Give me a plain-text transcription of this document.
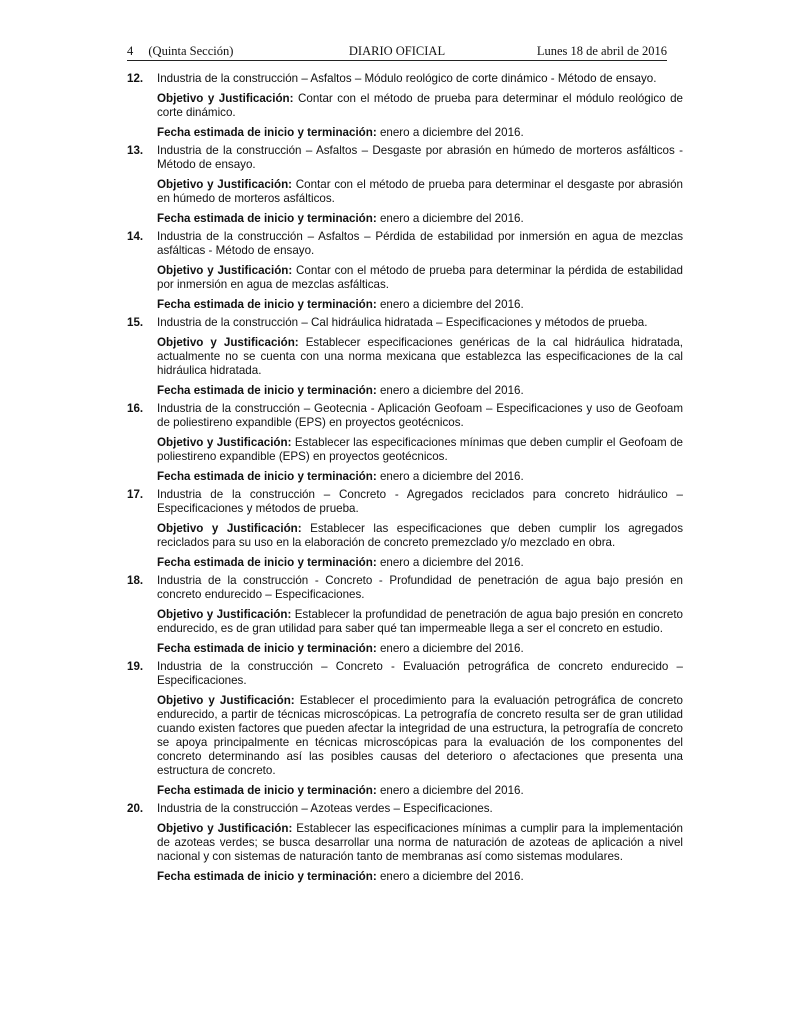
4 (Quinta Sección)	DIARIO OFICIAL	Lunes 18 de abril de 2016
12. Industria de la construcción – Asfaltos – Módulo reológico de corte dinámico - Método de ensayo.

Objetivo y Justificación: Contar con el método de prueba para determinar el módulo reológico de corte dinámico.

Fecha estimada de inicio y terminación: enero a diciembre del 2016.

13. Industria de la construcción – Asfaltos – Desgaste por abrasión en húmedo de morteros asfálticos - Método de ensayo.

Objetivo y Justificación: Contar con el método de prueba para determinar el desgaste por abrasión en húmedo de morteros asfálticos.

Fecha estimada de inicio y terminación: enero a diciembre del 2016.

14. Industria de la construcción – Asfaltos – Pérdida de estabilidad por inmersión en agua de mezclas asfálticas - Método de ensayo.

Objetivo y Justificación: Contar con el método de prueba para determinar la pérdida de estabilidad por inmersión en agua de mezclas asfálticas.

Fecha estimada de inicio y terminación: enero a diciembre del 2016.

15. Industria de la construcción – Cal hidráulica hidratada – Especificaciones y métodos de prueba.

Objetivo y Justificación: Establecer especificaciones genéricas de la cal hidráulica hidratada, actualmente no se cuenta con una norma mexicana que establezca las especificaciones de la cal hidráulica hidratada.

Fecha estimada de inicio y terminación: enero a diciembre del 2016.

16. Industria de la construcción – Geotecnia - Aplicación Geofoam – Especificaciones y uso de Geofoam de poliestireno expandible (EPS) en proyectos geotécnicos.

Objetivo y Justificación: Establecer las especificaciones mínimas que deben cumplir el Geofoam de poliestireno expandible (EPS) en proyectos geotécnicos.

Fecha estimada de inicio y terminación: enero a diciembre del 2016.

17. Industria de la construcción – Concreto - Agregados reciclados para concreto hidráulico – Especificaciones y métodos de prueba.

Objetivo y Justificación: Establecer las especificaciones que deben cumplir los agregados reciclados para su uso en la elaboración de concreto premezclado y/o mezclado en obra.

Fecha estimada de inicio y terminación: enero a diciembre del 2016.

18. Industria de la construcción - Concreto - Profundidad de penetración de agua bajo presión en concreto endurecido – Especificaciones.

Objetivo y Justificación: Establecer la profundidad de penetración de agua bajo presión en concreto endurecido, es de gran utilidad para saber qué tan impermeable llega a ser el concreto en estudio.

Fecha estimada de inicio y terminación: enero a diciembre del 2016.

19. Industria de la construcción – Concreto - Evaluación petrográfica de concreto endurecido – Especificaciones.

Objetivo y Justificación: Establecer el procedimiento para la evaluación petrográfica de concreto endurecido, a partir de técnicas microscópicas. La petrografía de concreto resulta ser de gran utilidad cuando existen factores que pueden afectar la integridad de una estructura, la petrografía de concreto se apoya principalmente en técnicas microscópicas para la evaluación de los componentes del concreto determinando así las posibles causas del deterioro o afectaciones que presenta una estructura de concreto.

Fecha estimada de inicio y terminación: enero a diciembre del 2016.

20. Industria de la construcción – Azoteas verdes – Especificaciones.

Objetivo y Justificación: Establecer las especificaciones mínimas a cumplir para la implementación de azoteas verdes; se busca desarrollar una norma de naturación de azoteas de aplicación a nivel nacional y con sistemas de naturación tanto de membranas así como sistemas modulares.

Fecha estimada de inicio y terminación: enero a diciembre del 2016.
